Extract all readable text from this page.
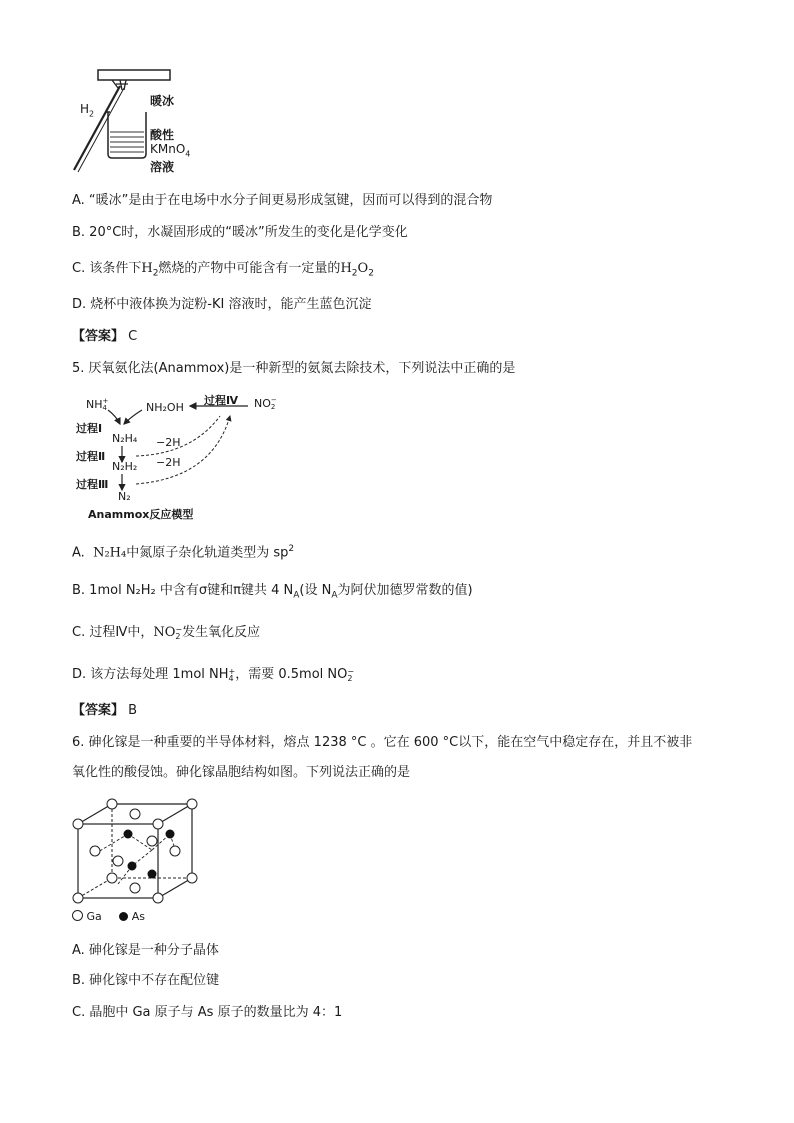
$H_2$
暖冰
酸性
KMnO$_4$
溶液
A. “暖冰”是由于在电场中水分子间更易形成氢键，因而可以得到的混合物
B. 20°C时，水凝固形成的“暖冰”所发生的变化是化学变化
C. 该条件下$H_2$燃烧的产物中可能含有一定量的$H_2O_2$
D. 烧杯中液体换为淀粉-KI 溶液时，能产生蓝色沉淀
【答案】 C
5. 厌氧氨化法(Anammox)是一种新型的氨氮去除技术，下列说法中正确的是
NH+
4	NH₂OH
过程Ⅳ NO−
2
过程Ⅰ
N₂H₄ −2H
过程Ⅱ
N₂H₂ −2H
过程Ⅲ
N₂
Anammox反应模型
A. N₂H₄中氮原子杂化轨道类型为 $sp^2$
B. 1mol N₂H₂ 中含有σ键和π键共 4 $N_A$(设 $N_A$为阿伏加德罗常数的值)
C. 过程Ⅳ中，NO−
2 发生氧化反应
D. 该方法每处理 1mol NH+
4 ，需要 0.5mol NO−
2
【答案】 B
6. 砷化镓是一种重要的半导体材料，熔点 1238 °C 。它在 600 °C以下，能在空气中稳定存在，并且不被非
氧化性的酸侵蚀。砷化镓晶胞结构如图。下列说法正确的是
Ga	As
A. 砷化镓是一种分子晶体
B. 砷化镓中不存在配位键
C. 晶胞中 Ga 原子与 As 原子的数量比为 4：1
